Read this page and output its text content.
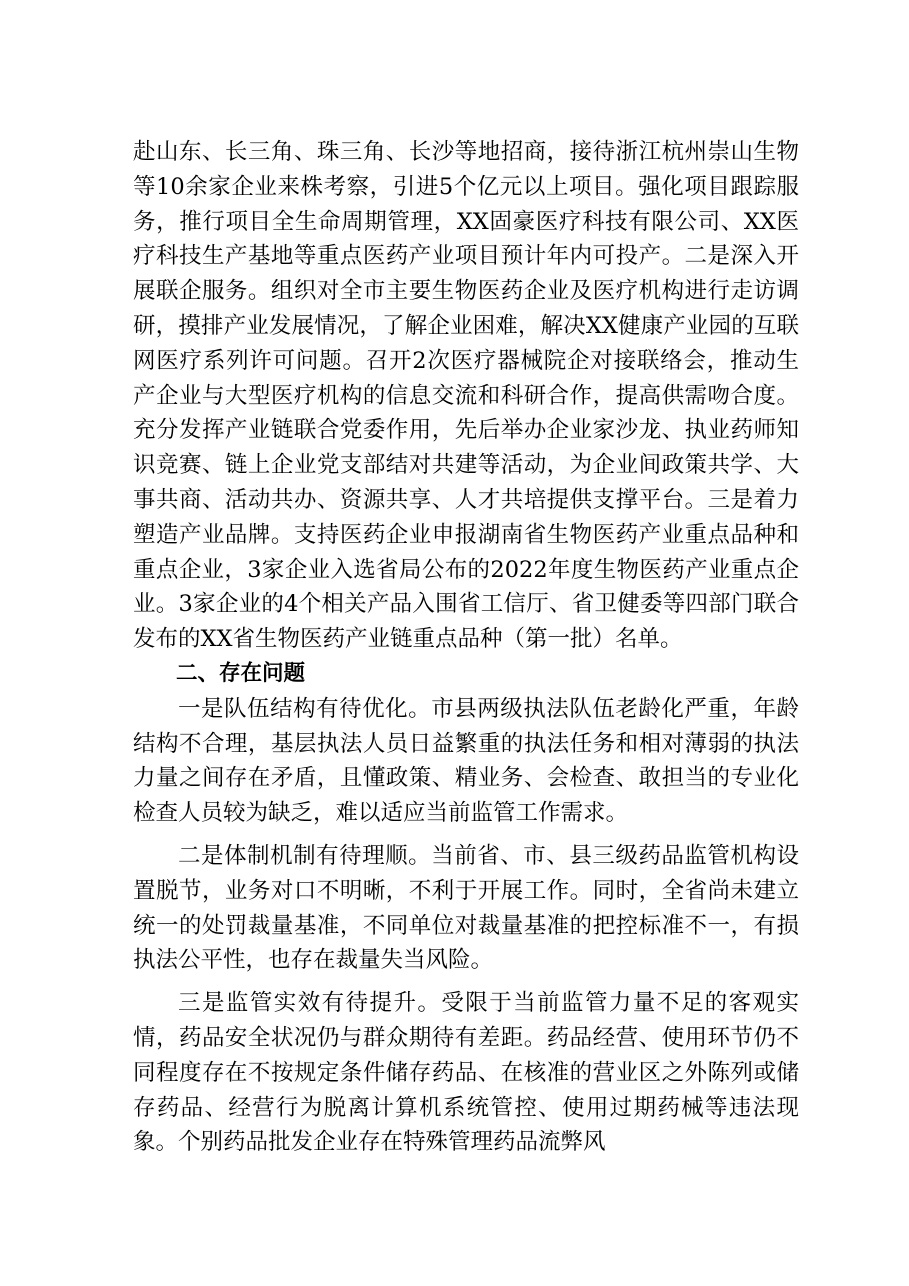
赴山东、长三角、珠三角、长沙等地招商，接待浙江杭州崇山生物等10余家企业来株考察，引进5个亿元以上项目。强化项目跟踪服务，推行项目全生命周期管理，XX固豪医疗科技有限公司、XX医疗科技生产基地等重点医药产业项目预计年内可投产。二是深入开展联企服务。组织对全市主要生物医药企业及医疗机构进行走访调研，摸排产业发展情况，了解企业困难，解决XX健康产业园的互联网医疗系列许可问题。召开2次医疗器械院企对接联络会，推动生产企业与大型医疗机构的信息交流和科研合作，提高供需吻合度。充分发挥产业链联合党委作用，先后举办企业家沙龙、执业药师知识竞赛、链上企业党支部结对共建等活动，为企业间政策共学、大事共商、活动共办、资源共享、人才共培提供支撑平台。三是着力塑造产业品牌。支持医药企业申报湖南省生物医药产业重点品种和重点企业，3家企业入选省局公布的2022年度生物医药产业重点企业。3家企业的4个相关产品入围省工信厅、省卫健委等四部门联合发布的XX省生物医药产业链重点品种（第一批）名单。

二、存在问题

一是队伍结构有待优化。市县两级执法队伍老龄化严重，年龄结构不合理，基层执法人员日益繁重的执法任务和相对薄弱的执法力量之间存在矛盾，且懂政策、精业务、会检查、敢担当的专业化检查人员较为缺乏，难以适应当前监管工作需求。

二是体制机制有待理顺。当前省、市、县三级药品监管机构设置脱节，业务对口不明晰，不利于开展工作。同时，全省尚未建立统一的处罚裁量基准，不同单位对裁量基准的把控标准不一，有损执法公平性，也存在裁量失当风险。

三是监管实效有待提升。受限于当前监管力量不足的客观实情，药品安全状况仍与群众期待有差距。药品经营、使用环节仍不同程度存在不按规定条件储存药品、在核准的营业区之外陈列或储存药品、经营行为脱离计算机系统管控、使用过期药械等违法现象。个别药品批发企业存在特殊管理药品流弊风
